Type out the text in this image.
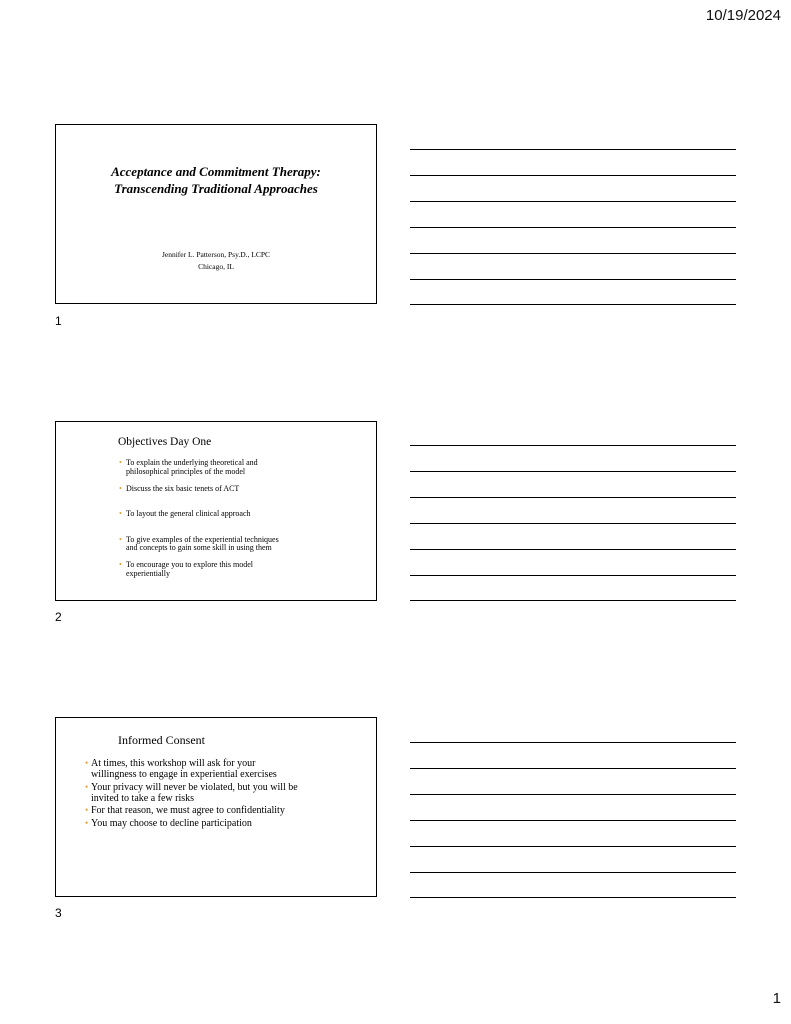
10/19/2024
Acceptance and Commitment Therapy:
Transcending Traditional Approaches
Jennifer L. Patterson, Psy.D., LCPC
Chicago, IL
1
Objectives Day One
• To explain the underlying theoretical and
philosophical principles of the model
• Discuss the six basic tenets of ACT
• To layout the general clinical approach
• To give examples of the experiential techniques
and concepts to gain some skill in using them
• To encourage you to explore this model
experientially
2
Informed Consent
• At times, this workshop will ask for your
willingness to engage in experiential exercises
• Your privacy will never be violated, but you will be
invited to take a few risks
• For that reason, we must agree to confidentiality
• You may choose to decline participation
3
1
